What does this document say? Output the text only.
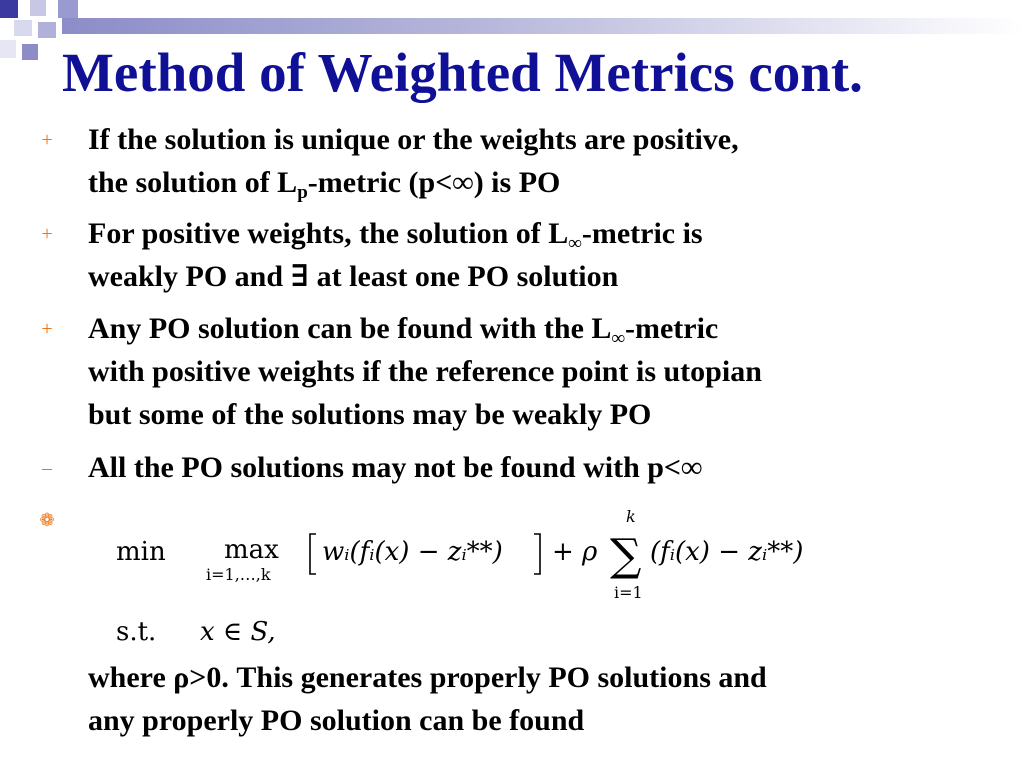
Method of Weighted Metrics cont.
+ If the solution is unique or the weights are positive,
the solution of $L_p$-metric (p<∞) is PO
+ For positive weights, the solution of $L_\infty$-metric is
weakly PO and ∃ at least one PO solution
+ Any PO solution can be found with the $L_\infty$-metric
with positive weights if the reference point is utopian
but some of the solutions may be weakly PO
– All the PO solutions may not be found with p<∞
❁
min max
i=1,…,k
wᵢ(fᵢ(x) − zᵢ**) + ρ
k
∑
i=1
(fᵢ(x) − zᵢ**)
s.t. x ∈ S,
where ρ>0. This generates properly PO solutions and
any properly PO solution can be found
